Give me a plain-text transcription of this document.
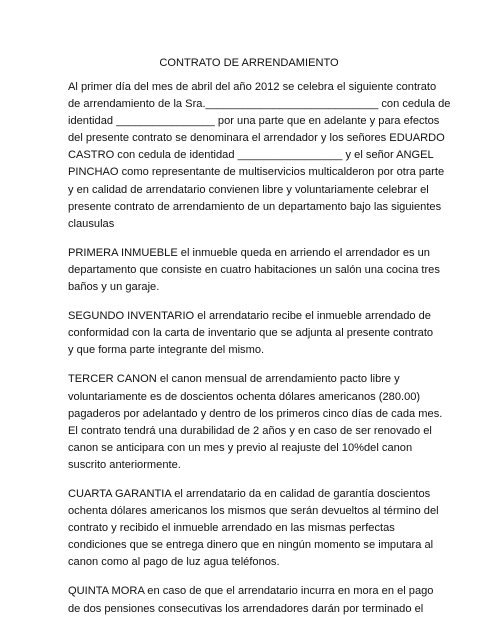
CONTRATO DE ARRENDAMIENTO
Al primer día del mes de abril del año 2012 se celebra el siguiente contrato
de arrendamiento de la Sra.____________________________ con cedula de
identidad ________________ por una parte que en adelante y para efectos
del presente contrato se denominara el arrendador y los señores EDUARDO
CASTRO con cedula de identidad _________________ y el señor ANGEL
PINCHAO como representante de multiservicios multicalderon por otra parte
y en calidad de arrendatario convienen libre y voluntariamente celebrar el
presente contrato de arrendamiento de un departamento bajo las siguientes
clausulas
PRIMERA INMUEBLE el inmueble queda en arriendo el arrendador es un
departamento que consiste en cuatro habitaciones un salón una cocina tres
baños y un garaje.
SEGUNDO INVENTARIO el arrendatario recibe el inmueble arrendado de
conformidad con la carta de inventario que se adjunta al presente contrato
y que forma parte integrante del mismo.
TERCER CANON el canon mensual de arrendamiento pacto libre y
voluntariamente es de doscientos ochenta dólares americanos (280.00)
pagaderos por adelantado y dentro de los primeros cinco días de cada mes.
El contrato tendrá una durabilidad de 2 años y en caso de ser renovado el
canon se anticipara con un mes y previo al reajuste del 10%del canon
suscrito anteriormente.
CUARTA GARANTIA el arrendatario da en calidad de garantía doscientos
ochenta dólares americanos los mismos que serán devueltos al término del
contrato y recibido el inmueble arrendado en las mismas perfectas
condiciones que se entrega dinero que en ningún momento se imputara al
canon como al pago de luz agua teléfonos.
QUINTA MORA en caso de que el arrendatario incurra en mora en el pago
de dos pensiones consecutivas los arrendadores darán por terminado el
